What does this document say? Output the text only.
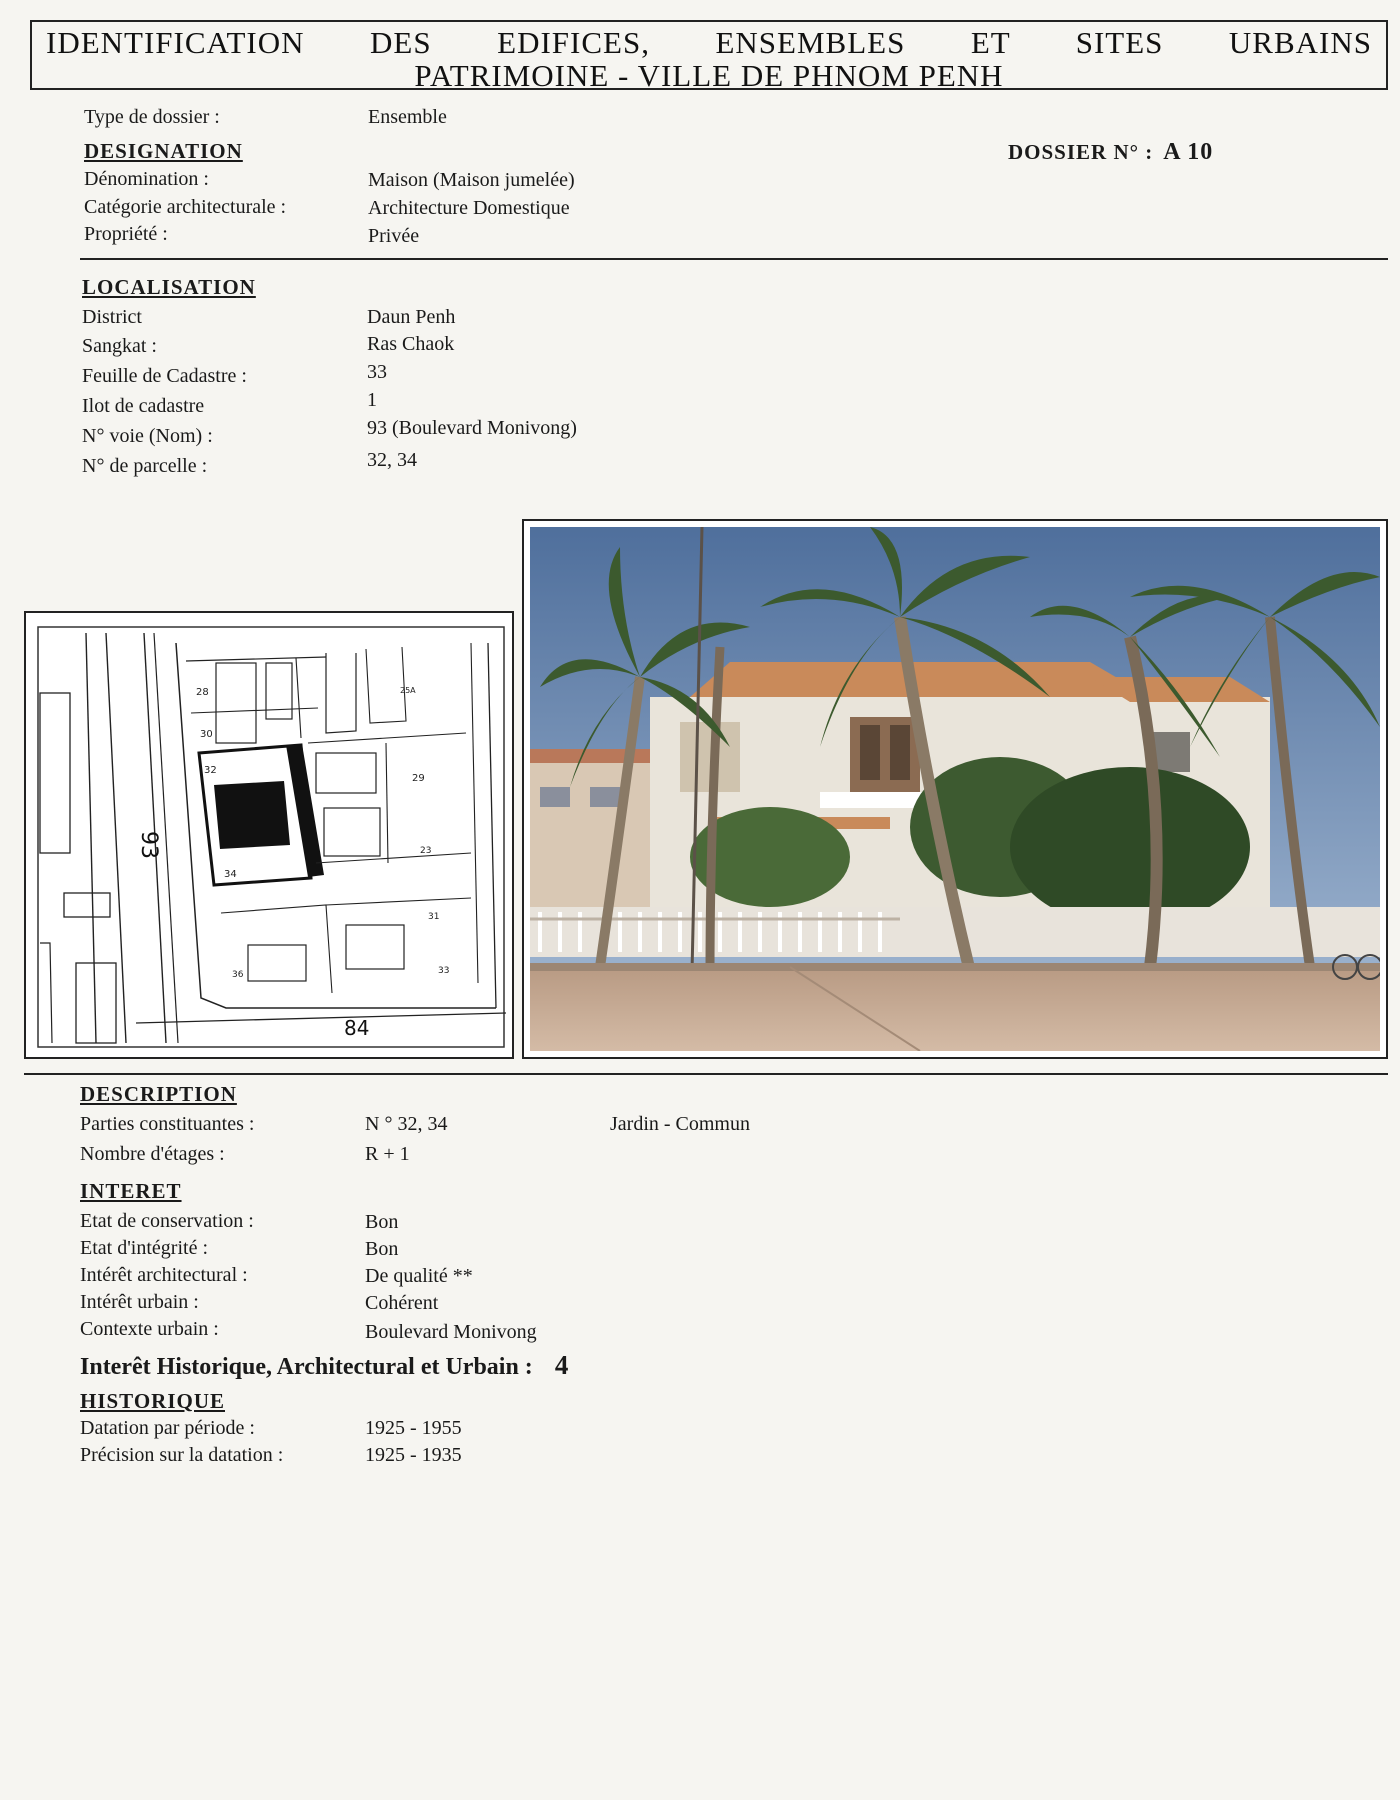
IDENTIFICATION DES EDIFICES, ENSEMBLES ET SITES URBAINS
PATRIMOINE - VILLE DE PHNOM PENH
Type de dossier :	Ensemble
DESIGNATION	DOSSIER N° : A 10
Dénomination :	Maison (Maison jumelée)
Catégorie architecturale :	Architecture Domestique
Propriété :	Privée
LOCALISATION
District	Daun Penh
Sangkat :	Ras Chaok
Feuille de Cadastre :	33
Ilot de cadastre	1
N° voie (Nom) :	93 (Boulevard Monivong)
N° de parcelle :	32, 34
28	25A
30
32
29
23
34
31
36	33
93
84
DESCRIPTION
Parties constituantes :	N ° 32, 34	Jardin - Commun
Nombre d'étages :	R + 1
INTERET
Etat de conservation :	Bon
Etat d'intégrité :	Bon
Intérêt architectural :	De qualité **
Intérêt urbain :	Cohérent
Contexte urbain :	Boulevard Monivong
Interêt Historique, Architectural et Urbain : 4
HISTORIQUE
Datation par période :	1925 - 1955
Précision sur la datation :	1925 - 1935
